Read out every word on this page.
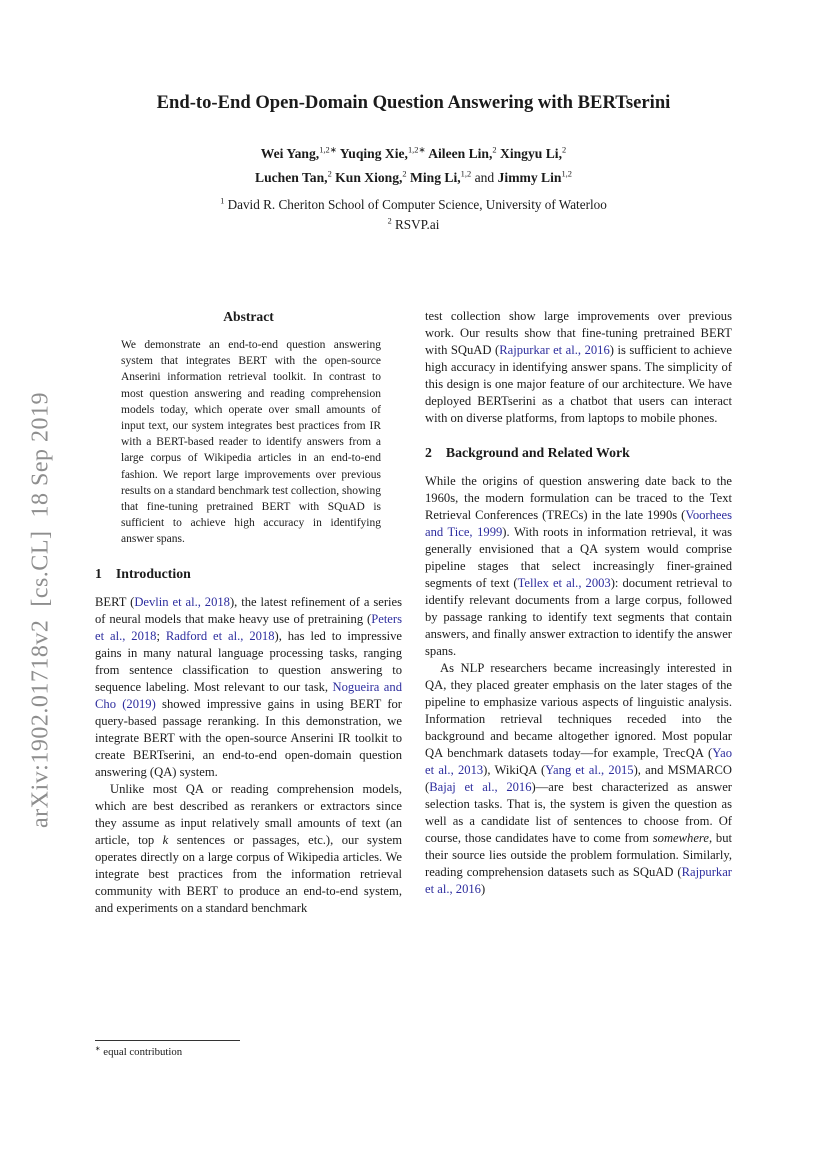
arXiv:1902.01718v2  [cs.CL]  18 Sep 2019
End-to-End Open-Domain Question Answering with BERTserini
Wei Yang,$^{1,2∗}$ Yuqing Xie,$^{1,2∗}$ Aileen Lin,$^2$ Xingyu Li,$^2$
Luchen Tan,$^2$ Kun Xiong,$^2$ Ming Li,$^{1,2}$ and Jimmy Lin$^{1,2}$
$^1$ David R. Cheriton School of Computer Science, University of Waterloo
$^2$ RSVP.ai
Abstract

We demonstrate an end-to-end question answering system that integrates BERT with the open-source Anserini information retrieval toolkit. In contrast to most question answering and reading comprehension models today, which operate over small amounts of input text, our system integrates best practices from IR with a BERT-based reader to identify answers from a large corpus of Wikipedia articles in an end-to-end fashion. We report large improvements over previous results on a standard benchmark test collection, showing that fine-tuning pretrained BERT with SQuAD is sufficient to achieve high accuracy in identifying answer spans.

1 Introduction

BERT (Devlin et al., 2018), the latest refinement of a series of neural models that make heavy use of pretraining (Peters et al., 2018; Radford et al., 2018), has led to impressive gains in many natural language processing tasks, ranging from sentence classification to question answering to sequence labeling. Most relevant to our task, Nogueira and Cho (2019) showed impressive gains in using BERT for query-based passage reranking. In this demonstration, we integrate BERT with the open-source Anserini IR toolkit to create BERTserini, an end-to-end open-domain question answering (QA) system.

Unlike most QA or reading comprehension models, which are best described as rerankers or extractors since they assume as input relatively small amounts of text (an article, top k sentences or passages, etc.), our system operates directly on a large corpus of Wikipedia articles. We integrate best practices from the information retrieval community with BERT to produce an end-to-end system, and experiments on a standard benchmark

test collection show large improvements over previous work. Our results show that fine-tuning pretrained BERT with SQuAD (Rajpurkar et al., 2016) is sufficient to achieve high accuracy in identifying answer spans. The simplicity of this design is one major feature of our architecture. We have deployed BERTserini as a chatbot that users can interact with on diverse platforms, from laptops to mobile phones.

2 Background and Related Work

While the origins of question answering date back to the 1960s, the modern formulation can be traced to the Text Retrieval Conferences (TRECs) in the late 1990s (Voorhees and Tice, 1999). With roots in information retrieval, it was generally envisioned that a QA system would comprise pipeline stages that select increasingly finer-grained segments of text (Tellex et al., 2003): document retrieval to identify relevant documents from a large corpus, followed by passage ranking to identify text segments that contain answers, and finally answer extraction to identify the answer spans.

As NLP researchers became increasingly interested in QA, they placed greater emphasis on the later stages of the pipeline to emphasize various aspects of linguistic analysis. Information retrieval techniques receded into the background and became altogether ignored. Most popular QA benchmark datasets today—for example, TrecQA (Yao et al., 2013), WikiQA (Yang et al., 2015), and MSMARCO (Bajaj et al., 2016)—are best characterized as answer selection tasks. That is, the system is given the question as well as a candidate list of sentences to choose from. Of course, those candidates have to come from somewhere, but their source lies outside the problem formulation. Similarly, reading comprehension datasets such as SQuAD (Rajpurkar et al., 2016)

∗ equal contribution
